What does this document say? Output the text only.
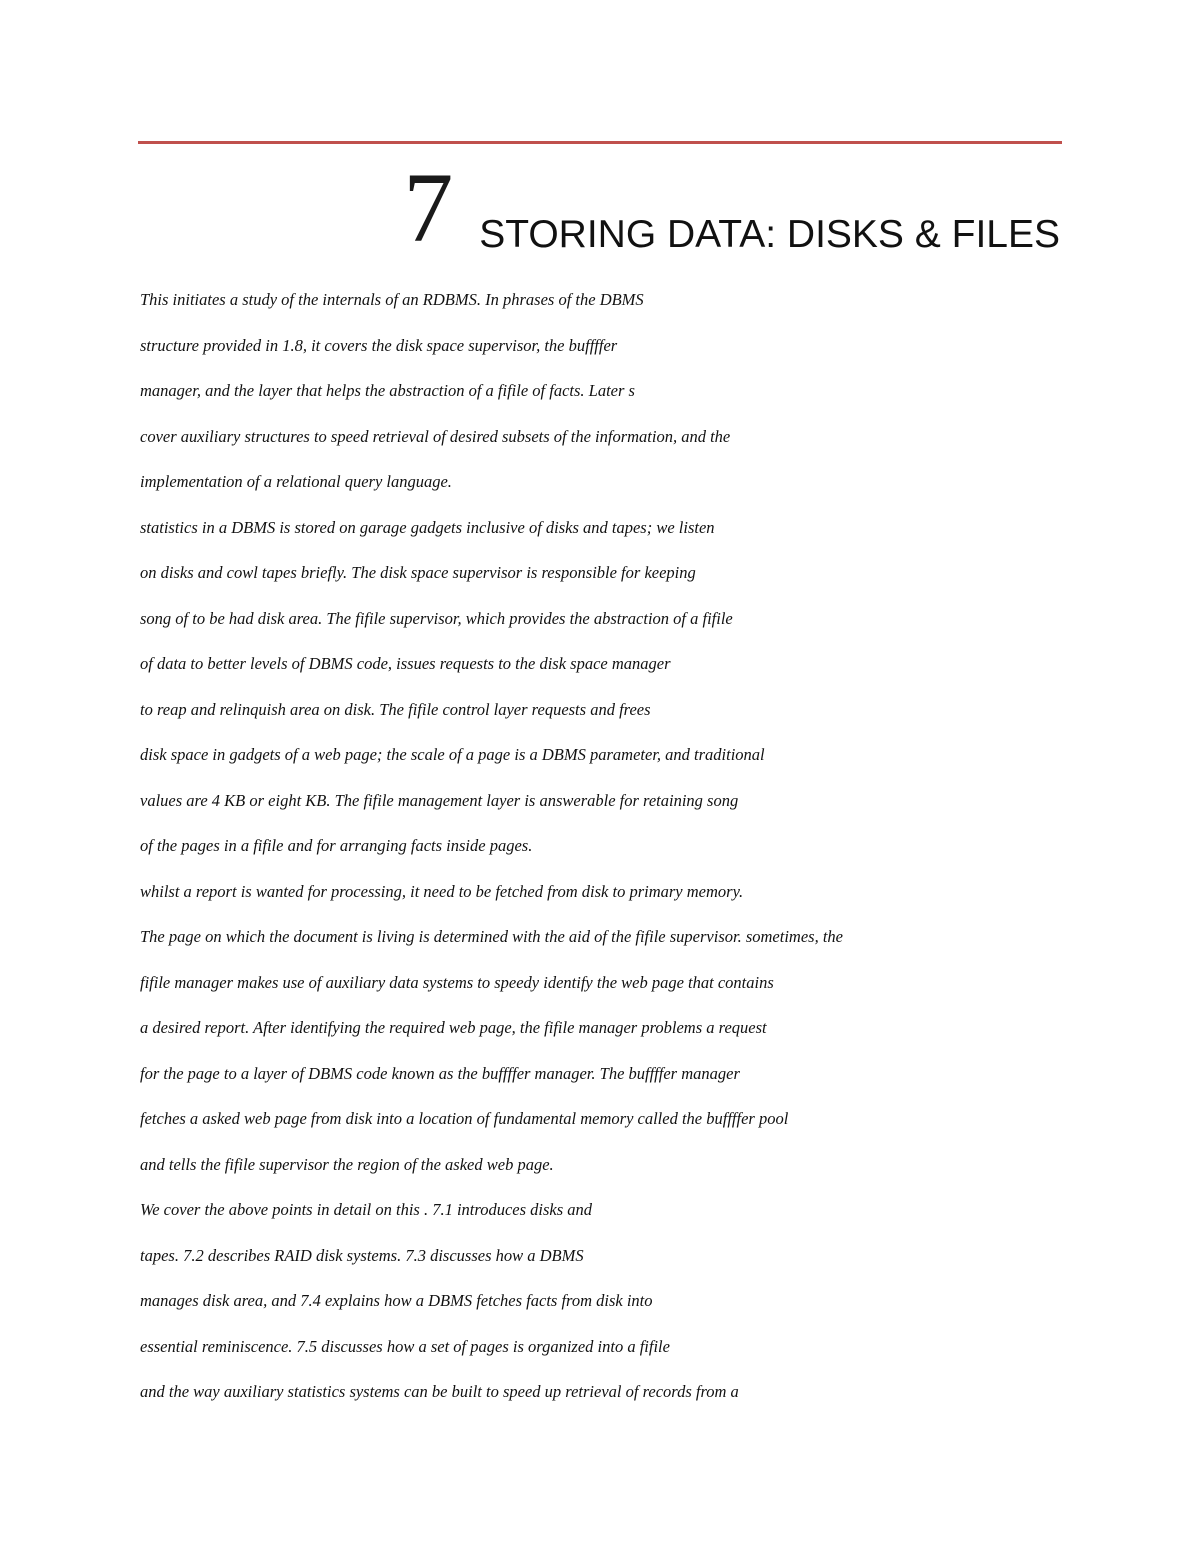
7 STORING DATA: DISKS & FILES
This initiates a study of the internals of an RDBMS. In phrases of the DBMS
structure provided in 1.8, it covers the disk space supervisor, the buffffer
manager, and the layer that helps the abstraction of a fifile of facts. Later s
cover auxiliary structures to speed retrieval of desired subsets of the information, and the
implementation of a relational query language.
statistics in a DBMS is stored on garage gadgets inclusive of disks and tapes; we listen
on disks and cowl tapes briefly. The disk space supervisor is responsible for keeping
song of to be had disk area. The fifile supervisor, which provides the abstraction of a fifile
of data to better levels of DBMS code, issues requests to the disk space manager
to reap and relinquish area on disk. The fifile control layer requests and frees
disk space in gadgets of a web page; the scale of a page is a DBMS parameter, and traditional
values are 4 KB or eight KB. The fifile management layer is answerable for retaining song
of the pages in a fifile and for arranging facts inside pages.
whilst a report is wanted for processing, it need to be fetched from disk to primary memory.
The page on which the document is living is determined with the aid of the fifile supervisor. sometimes, the
fifile manager makes use of auxiliary data systems to speedy identify the web page that contains
a desired report. After identifying the required web page, the fifile manager problems a request
for the page to a layer of DBMS code known as the buffffer manager. The buffffer manager
fetches a asked web page from disk into a location of fundamental memory called the buffffer pool
and tells the fifile supervisor the region of the asked web page.
We cover the above points in detail on this . 7.1 introduces disks and
tapes. 7.2 describes RAID disk systems. 7.3 discusses how a DBMS
manages disk area, and 7.4 explains how a DBMS fetches facts from disk into
essential reminiscence. 7.5 discusses how a set of pages is organized into a fifile
and the way auxiliary statistics systems can be built to speed up retrieval of records from a
